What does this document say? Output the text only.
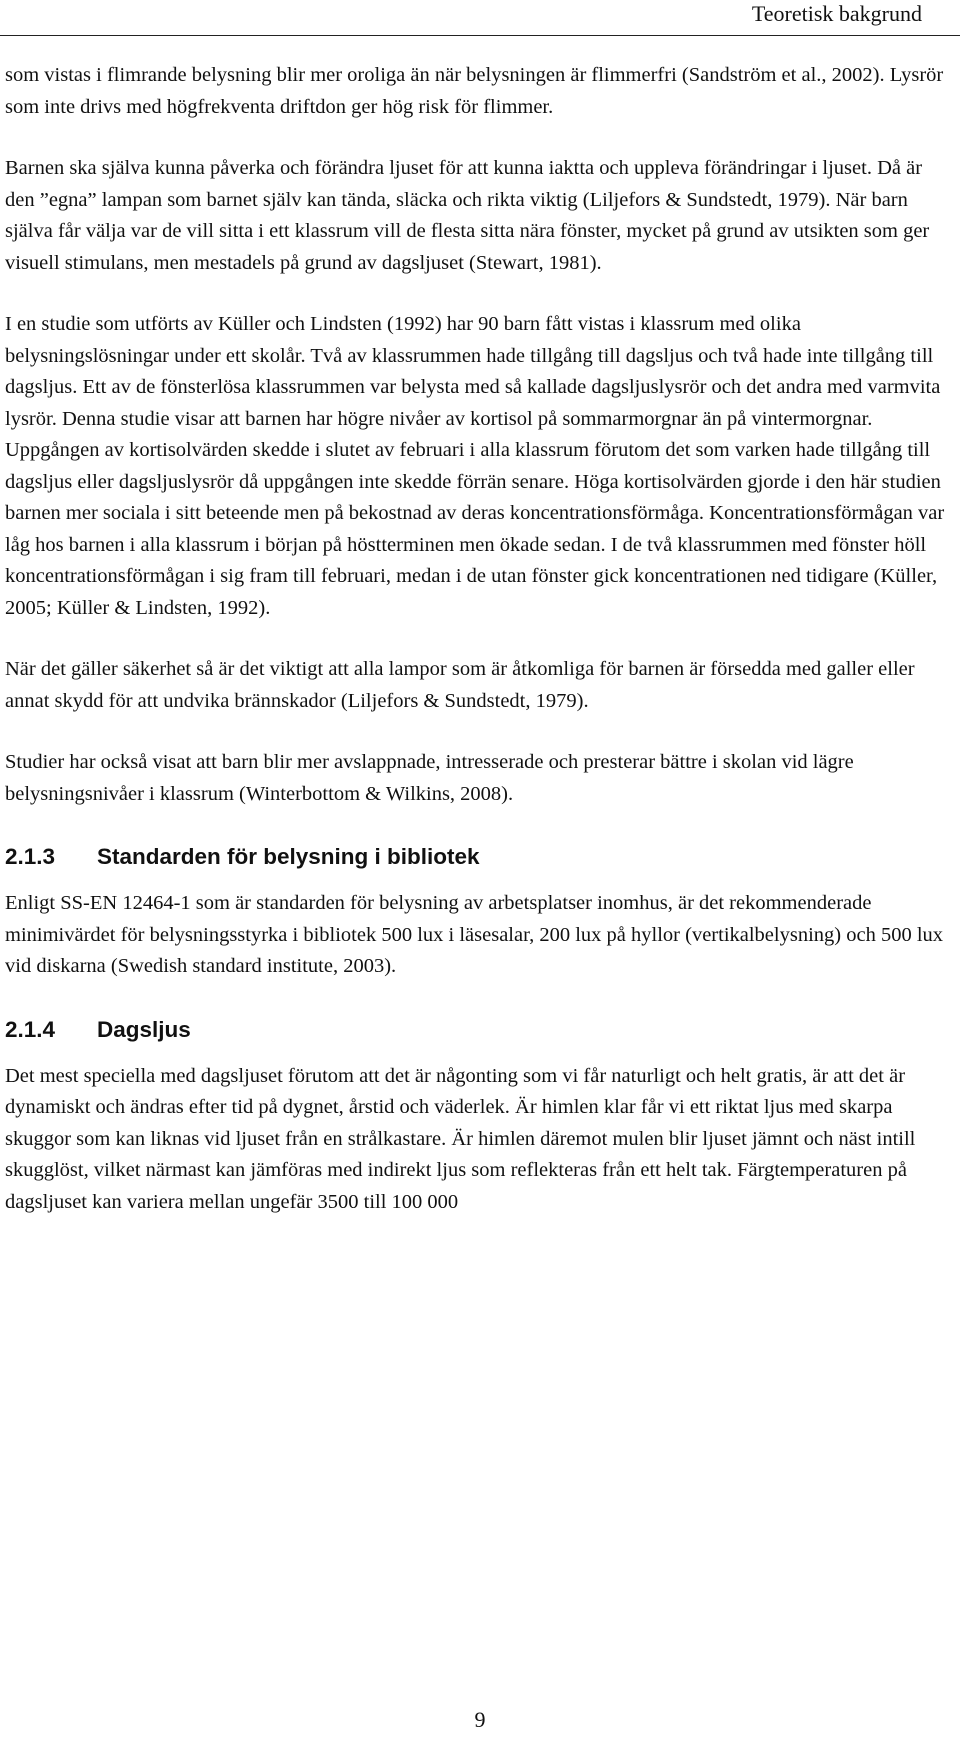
Teoretisk bakgrund

som vistas i flimrande belysning blir mer oroliga än när belysningen är flimmerfri (Sandström et al., 2002). Lysrör som inte drivs med högfrekventa driftdon ger hög risk för flimmer.

Barnen ska själva kunna påverka och förändra ljuset för att kunna iaktta och uppleva förändringar i ljuset. Då är den ”egna” lampan som barnet själv kan tända, släcka och rikta viktig (Liljefors & Sundstedt, 1979). När barn själva får välja var de vill sitta i ett klassrum vill de flesta sitta nära fönster, mycket på grund av utsikten som ger visuell stimulans, men mestadels på grund av dagsljuset (Stewart, 1981).

I en studie som utförts av Küller och Lindsten (1992) har 90 barn fått vistas i klassrum med olika belysningslösningar under ett skolår. Två av klassrummen hade tillgång till dagsljus och två hade inte tillgång till dagsljus. Ett av de fönsterlösa klassrummen var belysta med så kallade dagsljuslysrör och det andra med varmvita lysrör. Denna studie visar att barnen har högre nivåer av kortisol på sommarmorgnar än på vintermorgnar. Uppgången av kortisolvärden skedde i slutet av februari i alla klassrum förutom det som varken hade tillgång till dagsljus eller dagsljuslysrör då uppgången inte skedde förrän senare. Höga kortisolvärden gjorde i den här studien barnen mer sociala i sitt beteende men på bekostnad av deras koncentrationsförmåga. Koncentrationsförmågan var låg hos barnen i alla klassrum i början på höstterminen men ökade sedan. I de två klassrummen med fönster höll koncentrationsförmågan i sig fram till februari, medan i de utan fönster gick koncentrationen ned tidigare (Küller, 2005; Küller & Lindsten, 1992).

När det gäller säkerhet så är det viktigt att alla lampor som är åtkomliga för barnen är försedda med galler eller annat skydd för att undvika brännskador (Liljefors & Sundstedt, 1979).

Studier har också visat att barn blir mer avslappnade, intresserade och presterar bättre i skolan vid lägre belysningsnivåer i klassrum (Winterbottom & Wilkins, 2008).

2.1.3 Standarden för belysning i bibliotek

Enligt SS-EN 12464-1 som är standarden för belysning av arbetsplatser inomhus, är det rekommenderade minimivärdet för belysningsstyrka i bibliotek 500 lux i läsesalar, 200 lux på hyllor (vertikalbelysning) och 500 lux vid diskarna (Swedish standard institute, 2003).

2.1.4 Dagsljus

Det mest speciella med dagsljuset förutom att det är någonting som vi får naturligt och helt gratis, är att det är dynamiskt och ändras efter tid på dygnet, årstid och väderlek. Är himlen klar får vi ett riktat ljus med skarpa skuggor som kan liknas vid ljuset från en strålkastare. Är himlen däremot mulen blir ljuset jämnt och näst intill skugglöst, vilket närmast kan jämföras med indirekt ljus som reflekteras från ett helt tak. Färgtemperaturen på dagsljuset kan variera mellan ungefär 3500 till 100 000

9
